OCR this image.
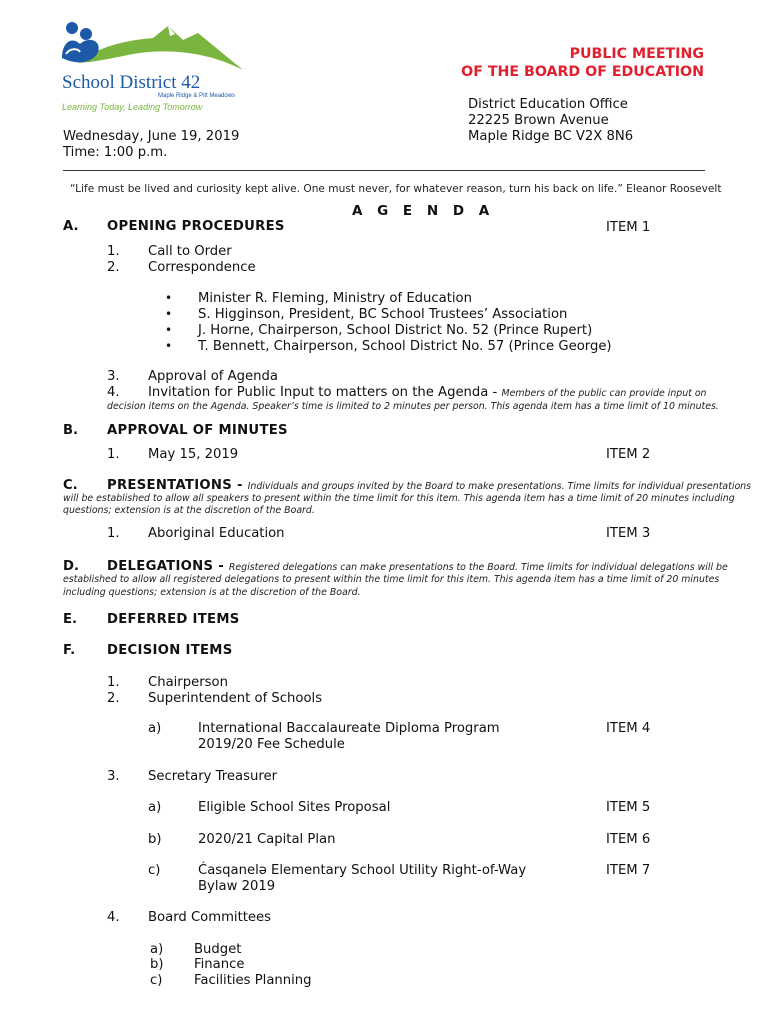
School District 42
Maple Ridge & Pitt Meadows
Learning Today, Leading Tomorrow
PUBLIC MEETING
OF THE BOARD OF EDUCATION
District Education Office
22225 Brown Avenue
Maple Ridge BC V2X 8N6
Wednesday, June 19, 2019
Time: 1:00 p.m.
“Life must be lived and curiosity kept alive. One must never, for whatever reason, turn his back on life.” Eleanor Roosevelt
A G E N D A
A. OPENING PROCEDURES	ITEM 1
1. Call to Order
2. Correspondence
• Minister R. Fleming, Ministry of Education
• S. Higginson, President, BC School Trustees’ Association
• J. Horne, Chairperson, School District No. 52 (Prince Rupert)
• T. Bennett, Chairperson, School District No. 57 (Prince George)
3. Approval of Agenda
4. Invitation for Public Input to matters on the Agenda - Members of the public can provide input on
decision items on the Agenda. Speaker’s time is limited to 2 minutes per person. This agenda item has a time limit of 10 minutes.
B. APPROVAL OF MINUTES
1. May 15, 2019	ITEM 2
C. PRESENTATIONS - Individuals and groups invited by the Board to make presentations. Time limits for individual presentations
will be established to allow all speakers to present within the time limit for this item. This agenda item has a time limit of 20 minutes including
questions; extension is at the discretion of the Board.
1. Aboriginal Education	ITEM 3
D. DELEGATIONS - Registered delegations can make presentations to the Board. Time limits for individual delegations will be
established to allow all registered delegations to present within the time limit for this item. This agenda item has a time limit of 20 minutes
including questions; extension is at the discretion of the Board.
E. DEFERRED ITEMS
F. DECISION ITEMS
1. Chairperson
2. Superintendent of Schools
a)	International Baccalaureate Diploma Program
2019/20 Fee Schedule
ITEM 4
3. Secretary Treasurer
a)	Eligible School Sites Proposal	ITEM 5
b)	2020/21 Capital Plan	ITEM 6
c)	Ćasqanelə Elementary School Utility Right-of-Way
Bylaw 2019
ITEM 7
4. Board Committees
a) Budget
b) Finance
c) Facilities Planning
